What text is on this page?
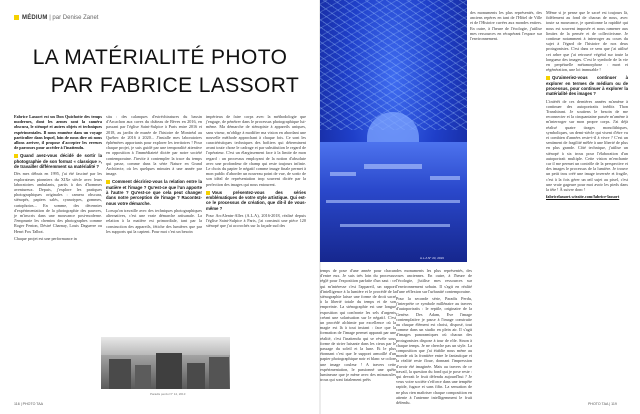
MÉDIUM | par Denise Zanet
LA MATÉRIALITÉ PHOTO
PAR FABRICE LASSORT
Fabrice Lassort est un Don Quichotte des temps modernes, dont les armes sont la caméra obscura, le sténopé et autres objets et techniques expérimentales. Il nous emmène dans un voyage particulier dans lequel, loin de nous dire où nous allons arriver, il propose d'accepter les erreurs de parcours pour accéder à l'inattendu.
Quand avez-vous décidé de sortir la photographie de son format « classique », de travailler différemment sa matérialité ?
Dès mes débuts en 1995, j'ai été fasciné par les explorateurs pionniers du XIXe siècle avec leurs laboratoires ambulants, partis à dos d'hommes aventureux. Depuis, j'explore les pratiques photographiques originales : camera obscura, sténopés, papiers salés, cyanotypes, gommes, cartophotos... En somme, des décennies d'expérimentation de la photographie des pauvres, je m'inscris dans une mouvance post-moderne. J'emprunte les chemins des photographes comme Roger Fenton, Désiré Charnay, Louis Daguerre ou Henri Fox Talbot.
Chaque projet est une performance in
situ : des calanques d'estréchiratures du bassin d'Arcachon aux caves du château de Bèves en 2016, en passant par l'église Saint-Sulpice à Paris entre 2016 et 2018, au jardin de musée de l'histoire de Montréal au Québec de 2016 à 2020... J'installe mes laboratoires éphémères apportants pour explorer les territoires ! Pour chaque projet, je suis guidé par une temporalité attentive en opposition à l'immédiateté dictée par notre société contemporaine. J'invite à contempler la trace du temps qui passe, comme dans la série Nature en Grand Architecte, où les quelques minutes à une année par image.
Comment décririez-vous la relation entre la matière et l'image ? Qu'est-ce que l'un apporte à l'autre ? Qu'est-ce que cela peut changer dans notre perception de l'image ? Racontez-nous votre démarche.
Lorsqu'on travaille avec des techniques photographiques alternatives, c'est une vraie démarche artisanale. La relation à la matière est primordiale, tant par la construction des appareils, fétiche des lumières que par les supports qui la captent. Pour moi c'est un besoin
impérieux de faire corps avec la méthodologie que j'engage, de pénétrer dans le processus photographique lui-même. Ma démarche de sténopiste à appareils uniques, sans viseur, m'oblige à modifier ma vision en abordant une nouvelle méthode approchant à chaque fois. Ce sont les caractéristiques techniques des boîtiers qui déterminent avant toute chose le cadrage et par substitution le regard de l'opérateur. C'est un élargissement face à la limite de mon regard : un processus employant de la notion d'absolute avec une profondeur de champ qui reste toujours infinie. Le choix du papier le négatif comme image finale permet à mon public d'aborder un nouveau point de vue, de sortir de son idéal de représentation trop souvent dictée par la perfection des images qui nous entourent.
Vous présentez-vous des séries emblématiques de votre style artistique. Qui est-ce le processus de création, que dit-il de vous-même ?
Pour ArcAlentn-Alles (A.L.A), 2016-2018, réalisé depuis l'église Saint-Sulpice à Paris, j'ai construit une pièce 120 sténopé que j'ai accrochés sur la façade sud des
Paradis perdu N° 14, 2013
116 | PHOTO TAA
A.L.A N° 23, 2016
des monuments les plus représentés, des anciens repères en tant de l'Hôtel de Ville et de l'Histoire cuvées aux mondes entiers. En outre, à l'heure de l'écologie, j'utilise mes ressources en récupérant l'espace sur l'environnement.
temps de pose d'une année pour chacun d'entre eux. Je suis très loin du processus réglé pour l'exposition parfaite d'un saut : ce qui m'intéresse c'est l'appareil, un rapport d'intelligence à la lumière et le procédé de la sténographie laisse une forme de droit sacré à la liberté totale du temps et de son empreinte. La sténographie est une longue exposition qui confronte les sels d'argents créant une solarisation sur le négatif. C'est un procédé alchimie par excellence où la magie est là à tout instant : face que la formation de l'image permet apparait par une réalité, c'est l'inattendu qui se révèle sous forme de strier luisante dans les cieux par le passage du soleil et la lune. Et le plus étonnant c'est que le support armoillé d'un papier photographique noir et blanc se colore une image couleur ! A travers cette expérimentation, le passionné une quête lumineuse que je mène avec des minuscules trous qui sont fatalement prêts
des monuments les plus représentés, des vues anciennes. En outre, à l'heure de l'écologie, j'utilise mes ressources sur l'environnement urbain. Il s'agit en réalité d'une réflexion sur l'urbanité contemporaine.
Pour la seconde série, Paradis Perdu, j'interprète ce symbole millénaire au travers d'autoportraits : le reptile, originaire de la Genèse. Des Adam, Eve l'image contemplative je passe à l'image construite au chaque élément est choisi, disposé, tout comme dans un studio en plein air. Il s'agit d'images panoramiques où chacun des protagonistes dispose à tour de rôle. Sinon à chaque temps. Je ne cherche pas un style. La composition que j'ai établie nous mène au monde où la frontière entre le fantastique et la réalité reste floue, donnant l'impression d'avoir été imaginée. Mais au travers de ce travail, la question du fond qui je pose reste : qui devrait le fruit défendu aujourd'hui ? Je veux voire sociéte s'efforce dans une tempête rapide, fugace et sans fifin. La sensation de ne plus rien maîtriser chaque composition en attente à l'antenne intelligemment le fruit défendu.
Même si je pense que le sacré est toujours là, fidèlement au fond de chacun de nous, avec toute sa mouvance, je questionne la rapidité qui nous est souvent imposée et nous ramener aux limites de la pensée et de collectivisme. Je continue notamment à interroger au cours du sujet à l'égard de l'histoire de nos deux protagonistes. C'est dans ce sens que j'ai utilisé cet arbre que j'ai retrouvé végétal sur toute la longueur des images. C'est le symbole de la vie en perpétuelle métamorphose : mort et régénération, une loi immuable !
Qu'aimeriez-vous continuer à explorer en termes de médium ou de processus, pour continuer à explorer la matérialité des images ?
L'intérêt de ces dernières années m'amène à continuer des autoportraits inédits Thon Transhirant. Je soutiens le besoin de me reconnecter et la cinquantaine passée m'amène à m'interroger sur mon propre corps. J'ai déjà réalisé quatre tirages monolithiques, symboliques, un demi-siècle qui visent d'étre vu et combien d'années reste-t-il à vivre ? C'est un sentiment de fragilité mêlée à une liberté de plus en plus grande. Côté technique, j'utilise un sténopé à six trous pour l'élaboration d'un autoportrait multiple. Cette vision m'enchante car il me permet un contrôle de la perspective et des images le processus de la lumière. Je trouve un petit trou créé une image inversée et fragile, c'est à la fois gérer un œil sujet au pixel, c'est une vraie gageure pour moi avoir les pieds dans la tête ! À suivre donc !
fabricelassort.wixsite.com/fabrice-lassort
PHOTO TAA | 119
